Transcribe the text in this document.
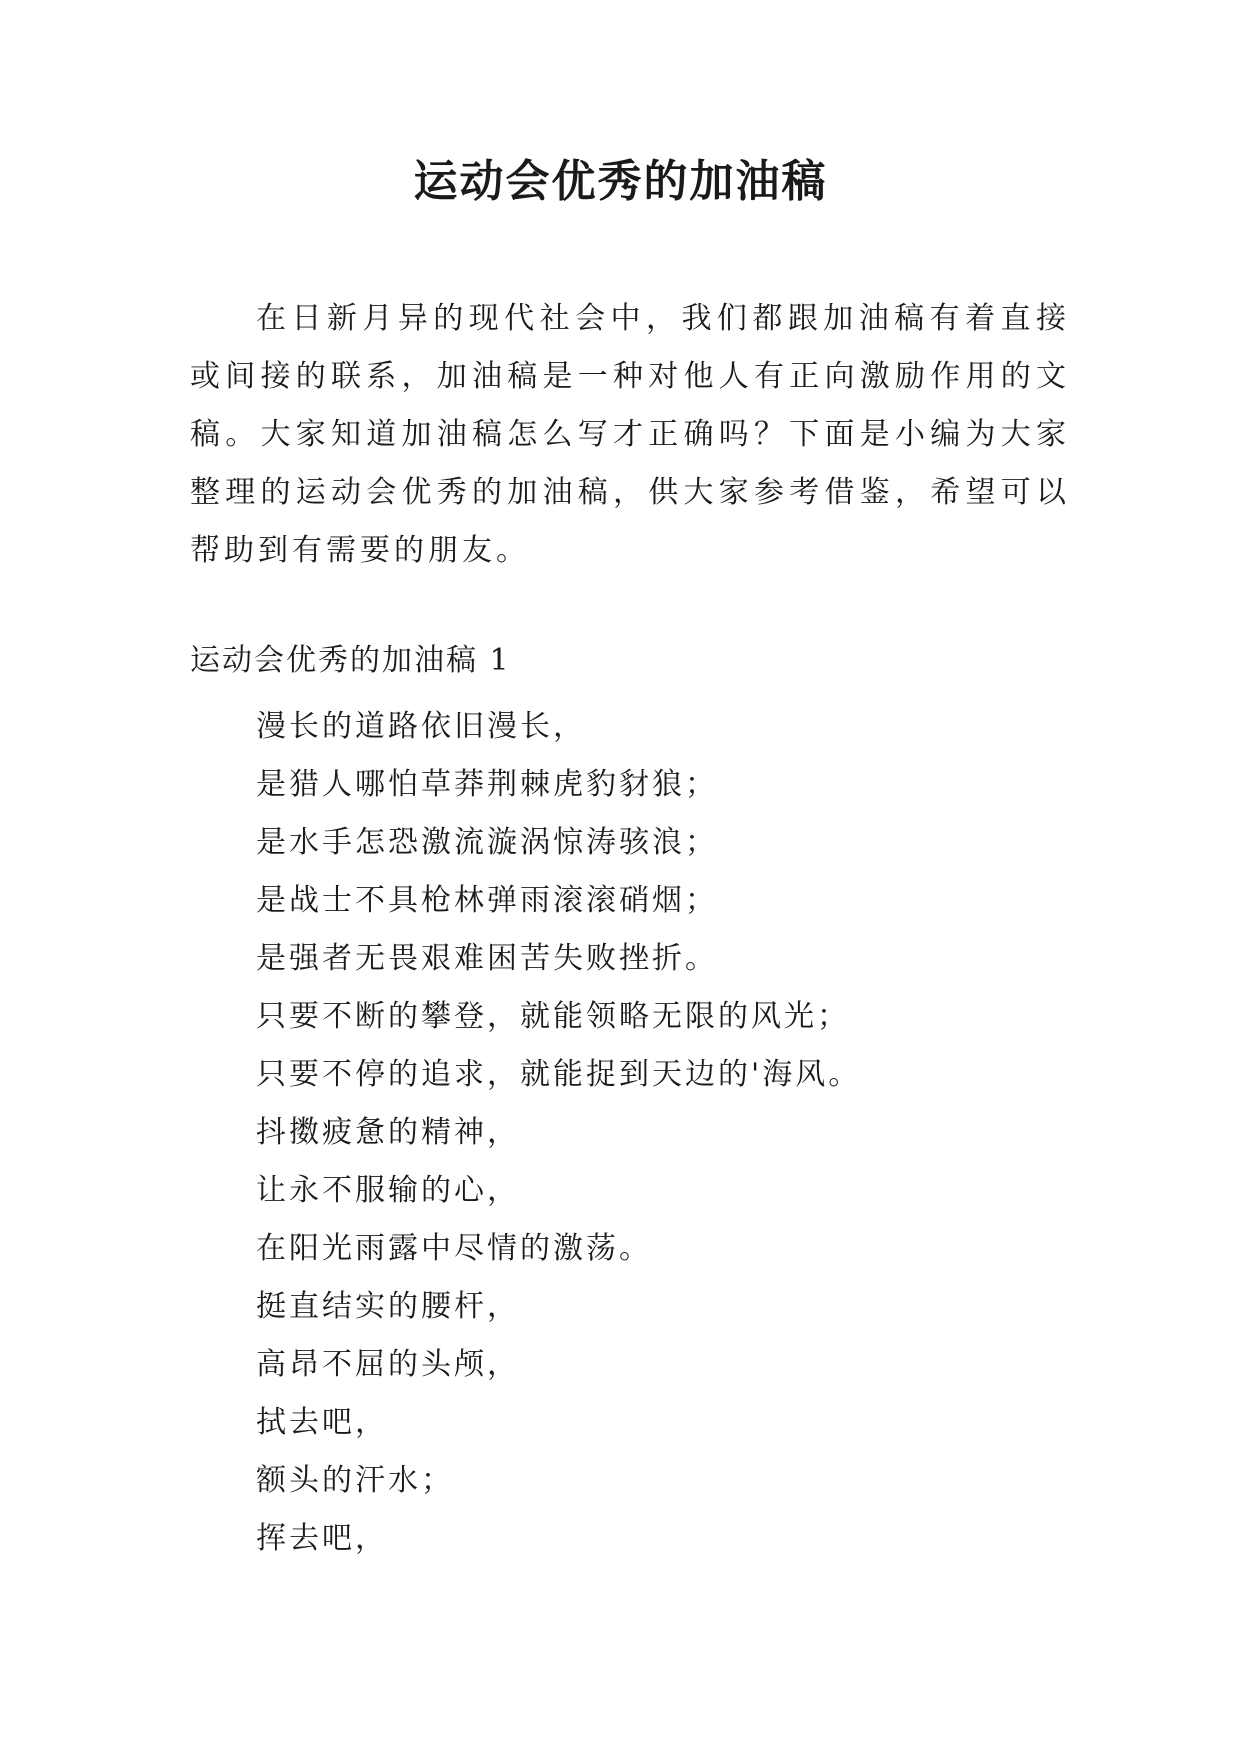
运动会优秀的加油稿

在日新月异的现代社会中，我们都跟加油稿有着直接或间接的联系，加油稿是一种对他人有正向激励作用的文稿。大家知道加油稿怎么写才正确吗？下面是小编为大家整理的运动会优秀的加油稿，供大家参考借鉴，希望可以帮助到有需要的朋友。

运动会优秀的加油稿 1
漫长的道路依旧漫长，
是猎人哪怕草莽荆棘虎豹豺狼；
是水手怎恐激流漩涡惊涛骇浪；
是战士不具枪林弹雨滚滚硝烟；
是强者无畏艰难困苦失败挫折。
只要不断的攀登，就能领略无限的风光；
只要不停的追求，就能捉到天边的'海风。
抖擞疲惫的精神，
让永不服输的心，
在阳光雨露中尽情的激荡。
挺直结实的腰杆，
高昂不屈的头颅，
拭去吧，
额头的汗水；
挥去吧，
